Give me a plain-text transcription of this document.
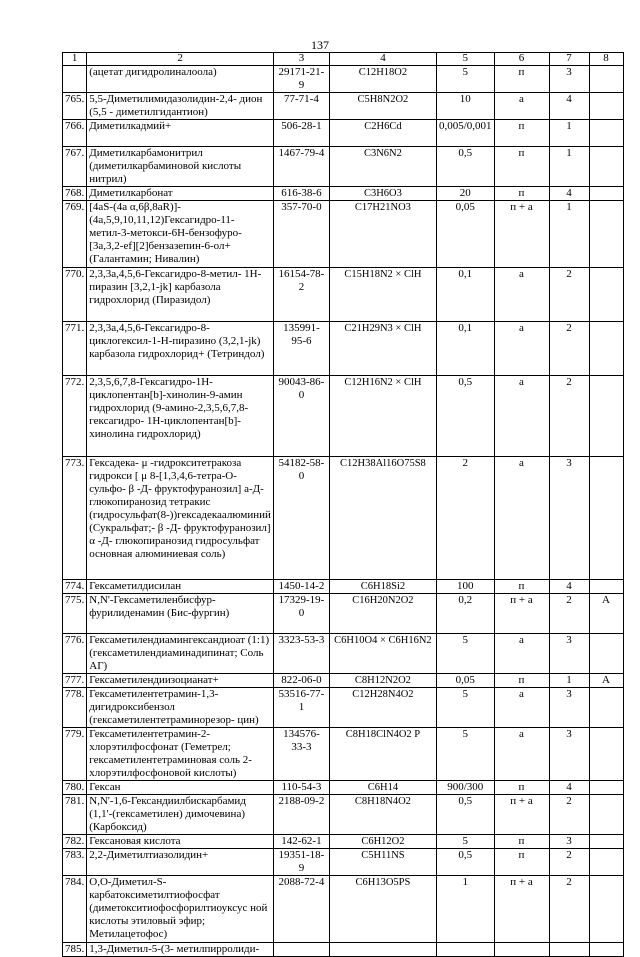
137
1	2	3	4	5	6	7	8
	(ацетат дигидролиналоола)	29171-21-9	C12H18O2	5	п	3	
765.	5,5-Диметилимидазолидин-2,4- дион (5,5 - диметилгидантион)	77-71-4	C5H8N2O2	10	а	4	
766.	Диметилкадмий+	506-28-1	C2H6Cd	0,005/0,001	п	1	
767.	Диметилкарбамонитрил (диметилкарбаминовой кислоты нитрил)	1467-79-4	C3N6N2	0,5	п	1	
768.	Диметилкарбонат	616-38-6	C3H6O3	20	п	4	
769.	[4aS-(4a α,6β,8aR)]-(4a,5,9,10,11,12)Гексагидро-11- метил-3-метокси-6Н-бензофуро- [3a,3,2-ef][2]бензазепин-6-ол+ (Галантамин; Нивалин)	357-70-0	C17H21NO3	0,05	п + а	1	
770.	2,3,3a,4,5,6-Гексагидро-8-метил- 1Н-пиразин [3,2,1-jk] карбазола гидрохлорид (Пиразидол)	16154-78-2	C15H18N2 × ClH	0,1	а	2	
771.	2,3,3a,4,5,6-Гексагидро-8-циклогексил-1-Н-пиразино (3,2,1-jk) карбазола гидрохлорид+ (Тетриндол)	135991-95-6	C21H29N3 × ClH	0,1	а	2	
772.	2,3,5,6,7,8-Гексагидро-1Н-циклопентан[b]-хинолин-9-амин гидрохлорид (9-амино-2,3,5,6,7,8-гексагидро- 1Н-циклопентан[b]-хинолина гидрохлорид)	90043-86-0	C12H16N2 × ClH	0,5	а	2	
773.	Гексадека- μ -гидрокситетракоза гидрокси [ μ 8-[1,3,4,6-тетра-О-сульфо- β -Д- фруктофуранозил] а-Д-глюкопиранозид тетракис (гидросульфат(8-))гексадекаалюминий (Сукральфат;- β -Д- фруктофуранозил] α -Д- глюкопиранозид гидросульфат основная алюминиевая соль)	54182-58-0	C12H38Al16O75S8	2	а	3	
774.	Гексаметилдисилан	1450-14-2	C6H18Si2	100	п	4	
775.	N,N'-Гексаметиленбисфур-фурилиденамин (Бис-фургин)	17329-19-0	C16H20N2O2	0,2	п + а	2	А
776.	Гексаметилендиамингександиоат (1:1) (гексаметилендиаминадипинат; Соль АГ)	3323-53-3	C6H10O4 × C6H16N2	5	а	3	
777.	Гексаметилендиизоцианат+	822-06-0	C8H12N2O2	0,05	п	1	А
778.	Гексаметилентетрамин-1,3-дигидроксибензол (гексаметилентетраминорезор- цин)	53516-77-1	C12H28N4O2	5	а	3	
779.	Гексаметилентетрамин-2-хлорэтилфосфонат (Геметрел; гексаметилентетраминовая соль 2-хлорэтилфосфоновой кислоты)	134576-33-3	C8H18ClN4O2 P	5	а	3	
780.	Гексан	110-54-3	C6H14	900/300	п	4	
781.	N,N'-1,6-Гександиилбискарбамид (1,1'-(гексаметилен) димочевина) (Карбоксид)	2188-09-2	C8H18N4O2	0,5	п + а	2	
782.	Гексановая кислота	142-62-1	C6H12O2	5	п	3	
783.	2,2-Диметилтиазолидин+	19351-18-9	C5H11NS	0,5	п	2	
784.	О,О-Диметил-S-карбатоксиметилтиофосфат (диметокситиофосфорилтиоуксус ной кислоты этиловый эфир; Метилацетофос)	2088-72-4	C6H13O5PS	1	п + а	2	
785.	1,3-Диметил-5-(3- метилпирролиди-						
